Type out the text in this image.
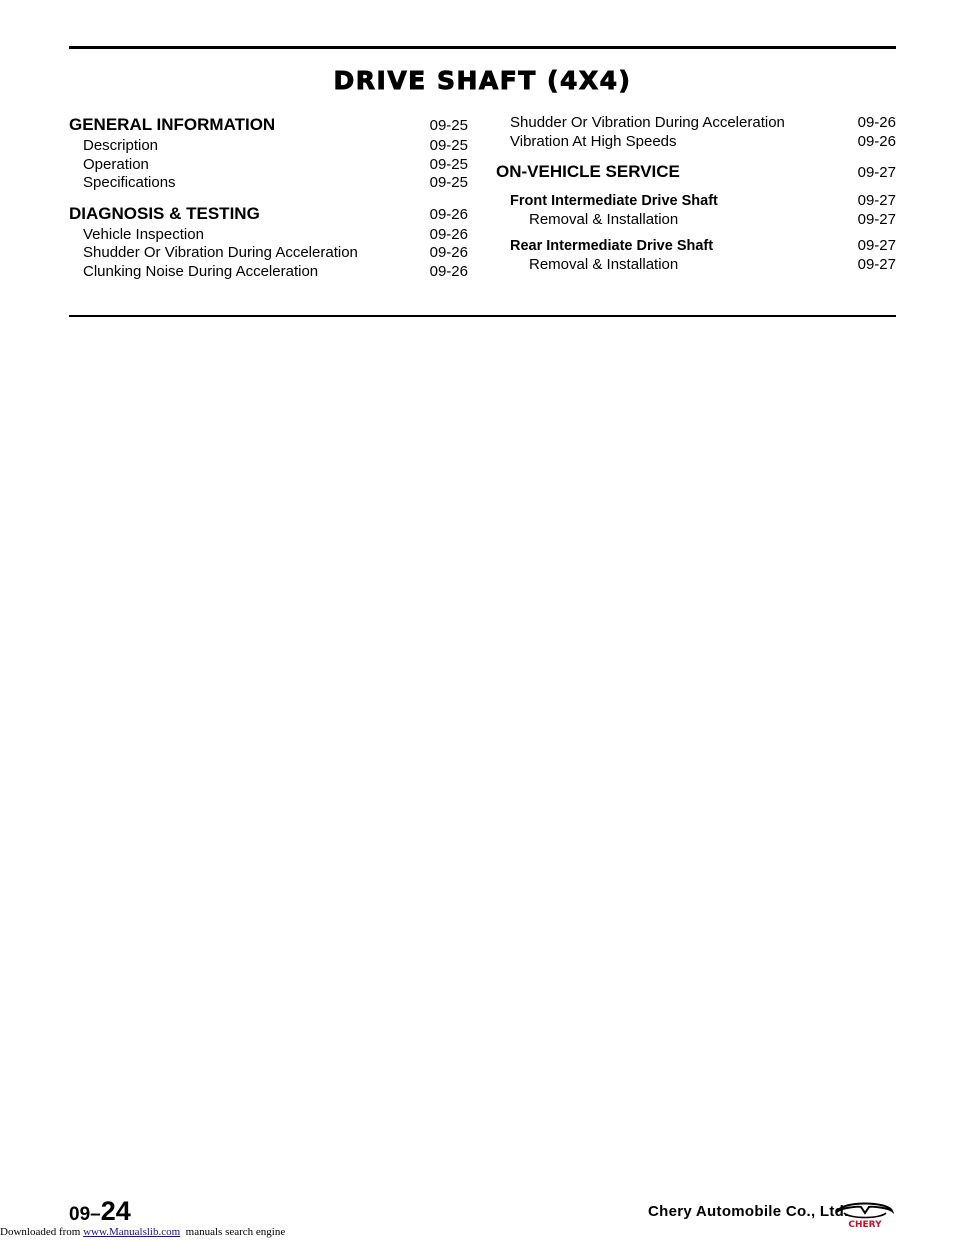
DRIVE SHAFT (4X4)
GENERAL INFORMATION	09-25
Description	09-25
Operation	09-25
Specifications	09-25
DIAGNOSIS & TESTING	09-26
Vehicle Inspection	09-26
Shudder Or Vibration During Acceleration	09-26
Clunking Noise During Acceleration	09-26
Shudder Or Vibration During Acceleration	09-26
Vibration At High Speeds	09-26
ON-VEHICLE SERVICE	09-27
Front Intermediate Drive Shaft	09-27
Removal & Installation	09-27
Rear Intermediate Drive Shaft	09-27
Removal & Installation	09-27
09–24	Chery Automobile Co., Ltd.
CHERY
Downloaded from www.Manualslib.com  manuals search engine
